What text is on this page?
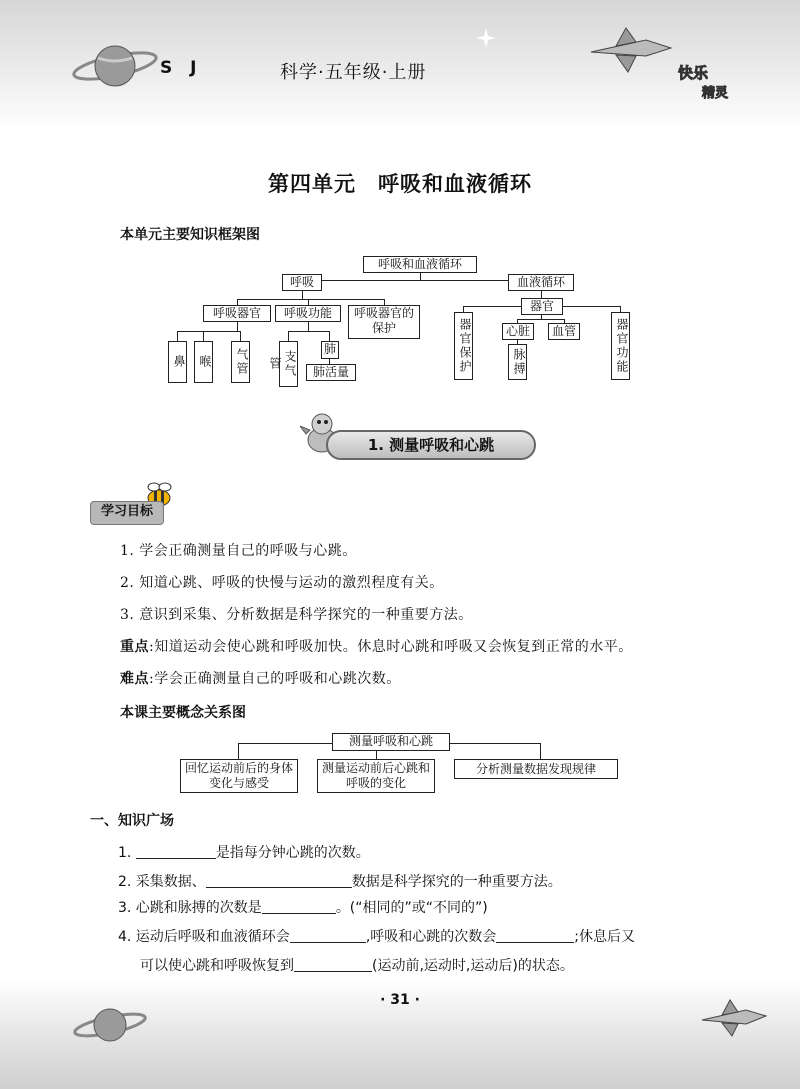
S J	科学·五年级·上册	快乐
精灵
第四单元　呼吸和血液循环
本单元主要知识框架图
呼吸和血液循环
呼吸	血液循环
呼吸器官	呼吸功能	呼吸器官的保护
鼻	喉	气管	支气管
肺
肺活量
器官
器官保护	心脏	血管
脉搏	器官功能
1. 测量呼吸和心跳
学习目标
1. 学会正确测量自己的呼吸与心跳。
2. 知道心跳、呼吸的快慢与运动的激烈程度有关。
3. 意识到采集、分析数据是科学探究的一种重要方法。
重点:知道运动会使心跳和呼吸加快。休息时心跳和呼吸又会恢复到正常的水平。
难点:学会正确测量自己的呼吸和心跳次数。
本课主要概念关系图
测量呼吸和心跳
回忆运动前后的身体变化与感受
测量运动前后心跳和呼吸的变化
分析测量数据发现规律
一、知识广场
1.	是指每分钟心跳的次数。
2. 采集数据、	数据是科学探究的一种重要方法。
3. 心跳和脉搏的次数是	。(“相同的”或“不同的”)
4. 运动后呼吸和血液循环会	,呼吸和心跳的次数会	;休息后又
可以使心跳和呼吸恢复到	(运动前,运动时,运动后)的状态。
· 31 ·
